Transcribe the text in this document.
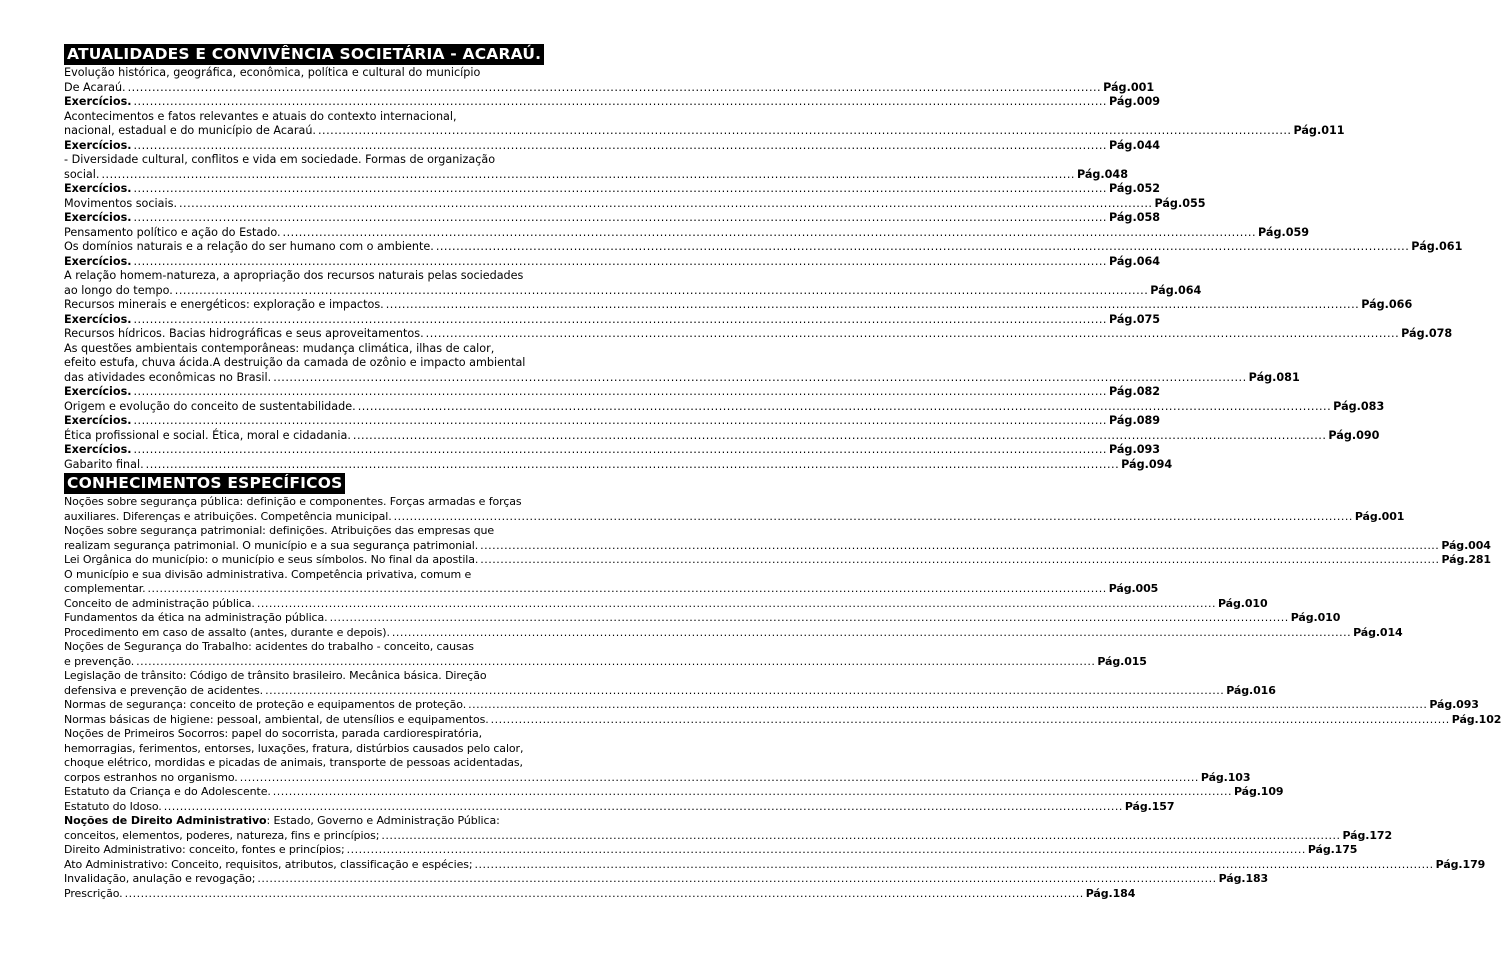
ATUALIDADES E CONVIVÊNCIA SOCIETÁRIA - ACARAÚ.
Evolução histórica, geográfica, econômica, política e cultural do município
De Acaraú. .....	Pág.001
Exercícios. .....	Pág.009
Acontecimentos e fatos relevantes e atuais do contexto internacional,
nacional, estadual e do município de Acaraú. .....	Pág.011
Exercícios. .....	Pág.044
- Diversidade cultural, conflitos e vida em sociedade. Formas de organização
social. .....	Pág.048
Exercícios. .....	Pág.052
Movimentos sociais. .....	Pág.055
Exercícios. .....	Pág.058
Pensamento político e ação do Estado. .....	Pág.059
Os domínios naturais e a relação do ser humano com o ambiente. .....	Pág.061
Exercícios. .....	Pág.064
A relação homem-natureza, a apropriação dos recursos naturais pelas sociedades
ao longo do tempo. .....	Pág.064
Recursos minerais e energéticos: exploração e impactos. .....	Pág.066
Exercícios. .....	Pág.075
Recursos hídricos. Bacias hidrográficas e seus aproveitamentos. .....	Pág.078
As questões ambientais contemporâneas: mudança climática, ilhas de calor,
efeito estufa, chuva ácida.A destruição da camada de ozônio e impacto ambiental
das atividades econômicas no Brasil. .....	Pág.081
Exercícios. .....	Pág.082
Origem e evolução do conceito de sustentabilidade. .....	Pág.083
Exercícios. .....	Pág.089
Ética profissional e social. Ética, moral e cidadania. .....	Pág.090
Exercícios. .....	Pág.093
Gabarito final. .....	Pág.094
CONHECIMENTOS ESPECÍFICOS
Noções sobre segurança pública: definição e componentes. Forças armadas e forças
auxiliares. Diferenças e atribuições. Competência municipal. .....	Pág.001
Noções sobre segurança patrimonial: definições. Atribuições das empresas que
realizam segurança patrimonial. O município e a sua segurança patrimonial. .....	Pág.004
Lei Orgânica do município: o município e seus símbolos. No final da apostila. .....	Pág.281
O município e sua divisão administrativa. Competência privativa, comum e
complementar. .....	Pág.005
Conceito de administração pública. .....	Pág.010
Fundamentos da ética na administração pública. .....	Pág.010
Procedimento em caso de assalto (antes, durante e depois). .....	Pág.014
Noções de Segurança do Trabalho: acidentes do trabalho - conceito, causas
e prevenção. .....	Pág.015
Legislação de trânsito: Código de trânsito brasileiro. Mecânica básica. Direção
defensiva e prevenção de acidentes. .....	Pág.016
Normas de segurança: conceito de proteção e equipamentos de proteção. .....	Pág.093
Normas básicas de higiene: pessoal, ambiental, de utensílios e equipamentos. .....	Pág.102
Noções de Primeiros Socorros: papel do socorrista, parada cardiorespiratória,
hemorragias, ferimentos, entorses, luxações, fratura, distúrbios causados pelo calor,
choque elétrico, mordidas e picadas de animais, transporte de pessoas acidentadas,
corpos estranhos no organismo. .....	Pág.103
Estatuto da Criança e do Adolescente. .....	Pág.109
Estatuto do Idoso. .....	Pág.157
Noções de Direito Administrativo: Estado, Governo e Administração Pública:
conceitos, elementos, poderes, natureza, fins e princípios; .....	Pág.172
Direito Administrativo: conceito, fontes e princípios; .....	Pág.175
Ato Administrativo: Conceito, requisitos, atributos, classificação e espécies; .....	Pág.179
Invalidação, anulação e revogação; .....	Pág.183
Prescrição. .....	Pág.184
